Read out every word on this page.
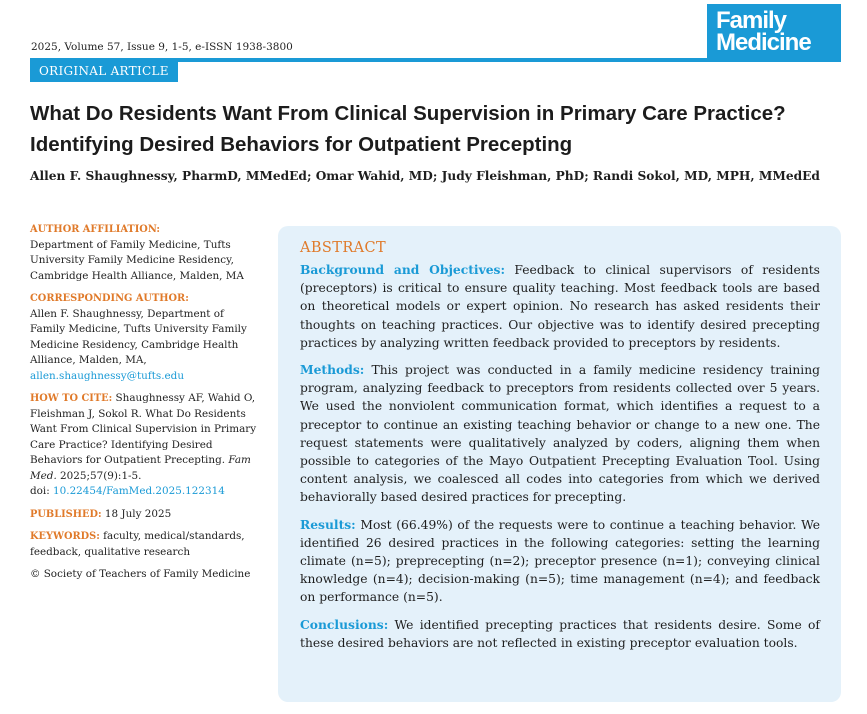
Family
Medicine
2025, Volume 57, Issue 9, 1-5, e-ISSN 1938-3800
ORIGINAL ARTICLE
What Do Residents Want From Clinical Supervision in Primary Care Practice?
Identifying Desired Behaviors for Outpatient Precepting
Allen F. Shaughnessy, PharmD, MMedEd; Omar Wahid, MD; Judy Fleishman, PhD; Randi Sokol, MD, MPH, MMedEd
AUTHOR AFFILIATION:
Department of Family Medicine, Tufts
University Family Medicine Residency,
Cambridge Health Alliance, Malden, MA
CORRESPONDING AUTHOR:
Allen F. Shaughnessy, Department of
Family Medicine, Tufts University Family
Medicine Residency, Cambridge Health
Alliance, Malden, MA,
allen.shaughnessy@tufts.edu
HOW TO CITE: Shaughnessy AF, Wahid O,
Fleishman J, Sokol R. What Do Residents
Want From Clinical Supervision in Primary
Care Practice? Identifying Desired
Behaviors for Outpatient Precepting. Fam
Med. 2025;57(9):1-5.
doi: 10.22454/FamMed.2025.122314
PUBLISHED: 18 July 2025
KEYWORDS: faculty, medical/standards,
feedback, qualitative research
© Society of Teachers of Family Medicine
ABSTRACT

Background and Objectives: Feedback to clinical supervisors of residents (preceptors) is critical to ensure quality teaching. Most feedback tools are based on theoretical models or expert opinion. No research has asked residents their thoughts on teaching practices. Our objective was to identify desired precepting practices by analyzing written feedback provided to preceptors by residents.

Methods: This project was conducted in a family medicine residency training program, analyzing feedback to preceptors from residents collected over 5 years. We used the nonviolent communication format, which identifies a request to a preceptor to continue an existing teaching behavior or change to a new one. The request statements were qualitatively analyzed by coders, aligning them when possible to categories of the Mayo Outpatient Precepting Evaluation Tool. Using content analysis, we coalesced all codes into categories from which we derived behaviorally based desired practices for precepting.

Results: Most (66.49%) of the requests were to continue a teaching behavior. We identified 26 desired practices in the following categories: setting the learning climate (n=5); preprecepting (n=2); preceptor presence (n=1); conveying clinical knowledge (n=4); decision-making (n=5); time management (n=4); and feedback on performance (n=5).

Conclusions: We identified precepting practices that residents desire. Some of these desired behaviors are not reflected in existing preceptor evaluation tools.
